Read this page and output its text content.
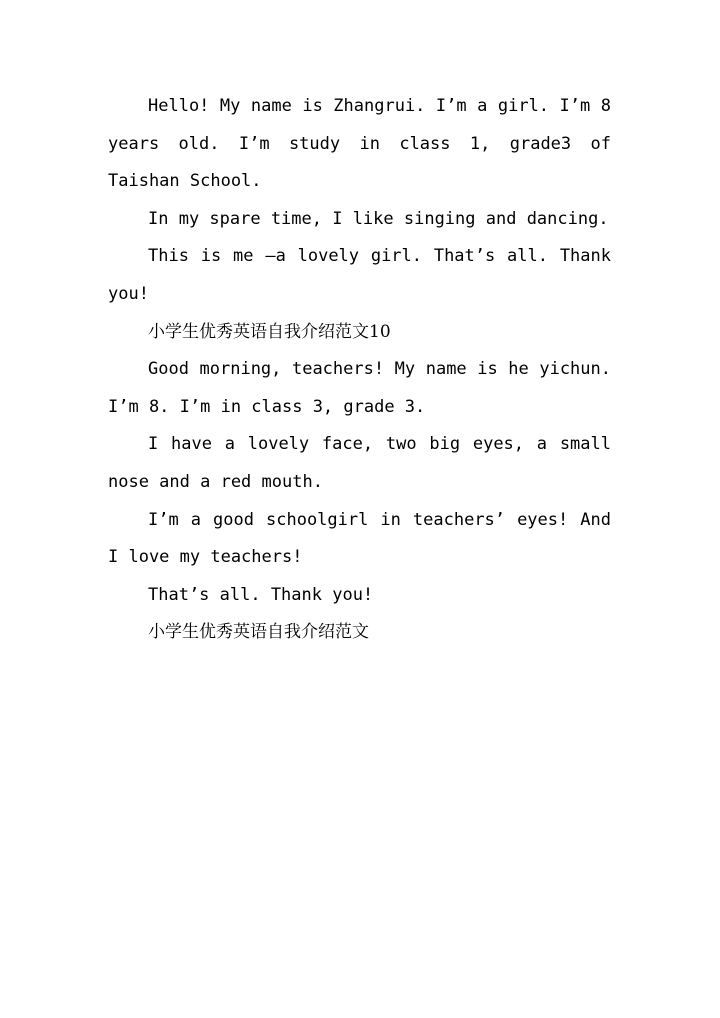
Hello! My name is Zhangrui. I’m a girl. I’m 8 years old. I’m study in class 1, grade3 of Taishan School.

In my spare time, I like singing and dancing.

This is me –a lovely girl. That’s all. Thank you!

小学生优秀英语自我介绍范文10

Good morning, teachers! My name is he yichun. I’m 8. I’m in class 3, grade 3.

I have a lovely face, two big eyes, a small nose and a red mouth.

I’m a good schoolgirl in teachers’ eyes! And I love my teachers!

That’s all. Thank you!

小学生优秀英语自我介绍范文
